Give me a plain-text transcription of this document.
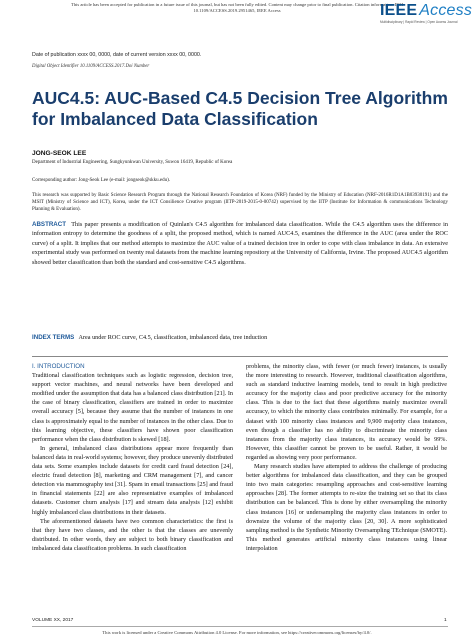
This article has been accepted for publication in a future issue of this journal, but has not been fully edited. Content may change prior to final publication. Citation information: DOI
10.1109/ACCESS.2019.2951465, IEEE Access	IEEE Access
Multidisciplinary | Rapid Review | Open Access Journal
Date of publication xxxx 00, 0000, date of current version xxxx 00, 0000.
Digital Object Identifier 10.1109/ACCESS.2017.Doi Number
AUC4.5: AUC-Based C4.5 Decision Tree Algorithm for Imbalanced Data Classification
JONG-SEOK LEE
Department of Industrial Engineering, Sungkyunkwan University, Suwon 16419, Republic of Korea
Corresponding author: Jong-Seok Lee (e-mail: jongseok@skku.edu).
This research was supported by Basic Science Research Program through the National Research Foundation of Korea (NRF) funded by the Ministry of Education (NRF-2016R1D1A1B03930191) and the MSIT (Ministry of Science and ICT), Korea, under the ICT Consilience Creative program (IITP-2019-2015-0-00742) supervised by the IITP (Institute for Information & communications Technology Planning & Evaluation).
ABSTRACT This paper presents a modification of Quinlan's C4.5 algorithm for imbalanced data classification. While the C4.5 algorithm uses the difference in information entropy to determine the goodness of a split, the proposed method, which is named AUC4.5, examines the difference in the AUC (area under the ROC curve) of a split. It implies that our method attempts to maximize the AUC value of a trained decision tree in order to cope with class imbalance in data. An extensive experimental study was performed on twenty real datasets from the machine learning repository at the University of California, Irvine. The proposed AUC4.5 algorithm showed better classification than both the standard and cost-sensitive C4.5 algorithms.
INDEX TERMS Area under ROC curve, C4.5, classification, imbalanced data, tree induction
I. INTRODUCTION

Traditional classification techniques such as logistic regression, decision tree, support vector machines, and neural networks have been developed and modified under the assumption that data has a balanced class distribution [21]. In the case of binary classification, classifiers are trained in order to maximize overall accuracy [5], because they assume that the number of instances in one class is approximately equal to the number of instances in the other class. Due to this learning objective, these classifiers have shown poor classification performance when the class distribution is skewed [18].

In general, imbalanced class distributions appear more frequently than balanced data in real-world systems; however, they produce unevenly distributed data sets. Some examples include datasets for credit card fraud detection [24], electric fraud detection [8], marketing and CRM management [7], and cancer detection via mammography test [31]. Spam in email transactions [25] and fraud in financial statements [22] are also representative examples of imbalanced datasets. Customer churn analysis [17] and stream data analysis [12] exhibit highly imbalanced class distributions in their datasets.

The aforementioned datasets have two common characteristics: the first is that they have two classes, and the other is that the classes are unevenly distributed. In other words, they are subject to both binary classification and imbalanced data classification problems. In such classification

problems, the minority class, with fewer (or much fewer) instances, is usually the more interesting to research. However, traditional classification algorithms, such as standard inductive learning models, tend to result in high predictive accuracy for the majority class and poor predictive accuracy for the minority class. This is due to the fact that these algorithms mainly maximize overall accuracy, to which the minority class contributes minimally. For example, for a dataset with 100 minority class instances and 9,900 majority class instances, even though a classifier has no ability to discriminate the minority class instances from the majority class instances, its accuracy would be 99%. However, this classifier cannot be proven to be useful. Rather, it would be regarded as showing very poor performance.

Many research studies have attempted to address the challenge of producing better algorithms for imbalanced data classification, and they can be grouped into two main categories: resampling approaches and cost-sensitive learning approaches [28]. The former attempts to re-size the training set so that its class distribution can be balanced. This is done by either oversampling the minority class instances [16] or undersampling the majority class instances in order to downsize the volume of the majority class [20, 30]. A more sophisticated sampling method is the Synthetic Minority Oversampling TEchnique (SMOTE). This method generates artificial minority class instances using linear interpolation

VOLUME XX, 2017	1
This work is licensed under a Creative Commons Attribution 4.0 License. For more information, see https://creativecommons.org/licenses/by/4.0/.
